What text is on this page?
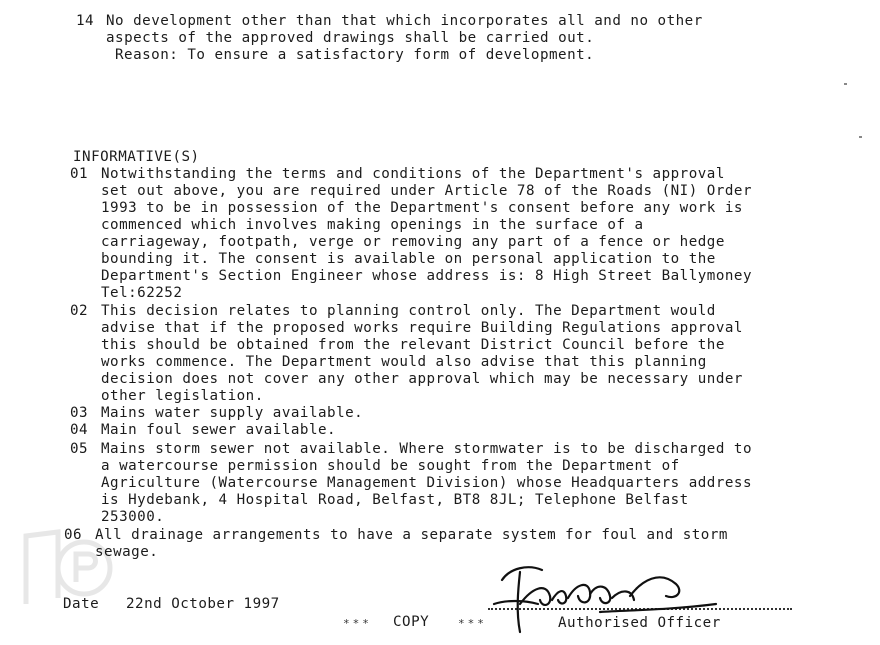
14 No development other than that which incorporates all and no other
aspects of the approved drawings shall be carried out.
Reason: To ensure a satisfactory form of development.
INFORMATIVE(S)
01 Notwithstanding the terms and conditions of the Department's approval
set out above, you are required under Article 78 of the Roads (NI) Order
1993 to be in possession of the Department's consent before any work is
commenced which involves making openings in the surface of a
carriageway, footpath, verge or removing any part of a fence or hedge
bounding it. The consent is available on personal application to the
Department's Section Engineer whose address is: 8 High Street Ballymoney
Tel:62252
02 This decision relates to planning control only. The Department would
advise that if the proposed works require Building Regulations approval
this should be obtained from the relevant District Council before the
works commence. The Department would also advise that this planning
decision does not cover any other approval which may be necessary under
other legislation.
03 Mains water supply available.
04 Main foul sewer available.
05 Mains storm sewer not available. Where stormwater is to be discharged to
a watercourse permission should be sought from the Department of
Agriculture (Watercourse Management Division) whose Headquarters address
is Hydebank, 4 Hospital Road, Belfast, BT8 8JL; Telephone Belfast
253000.
06 All drainage arrangements to have a separate system for foul and storm
sewage.
Date 22nd October 1997
*** COPY	***	Authorised Officer
